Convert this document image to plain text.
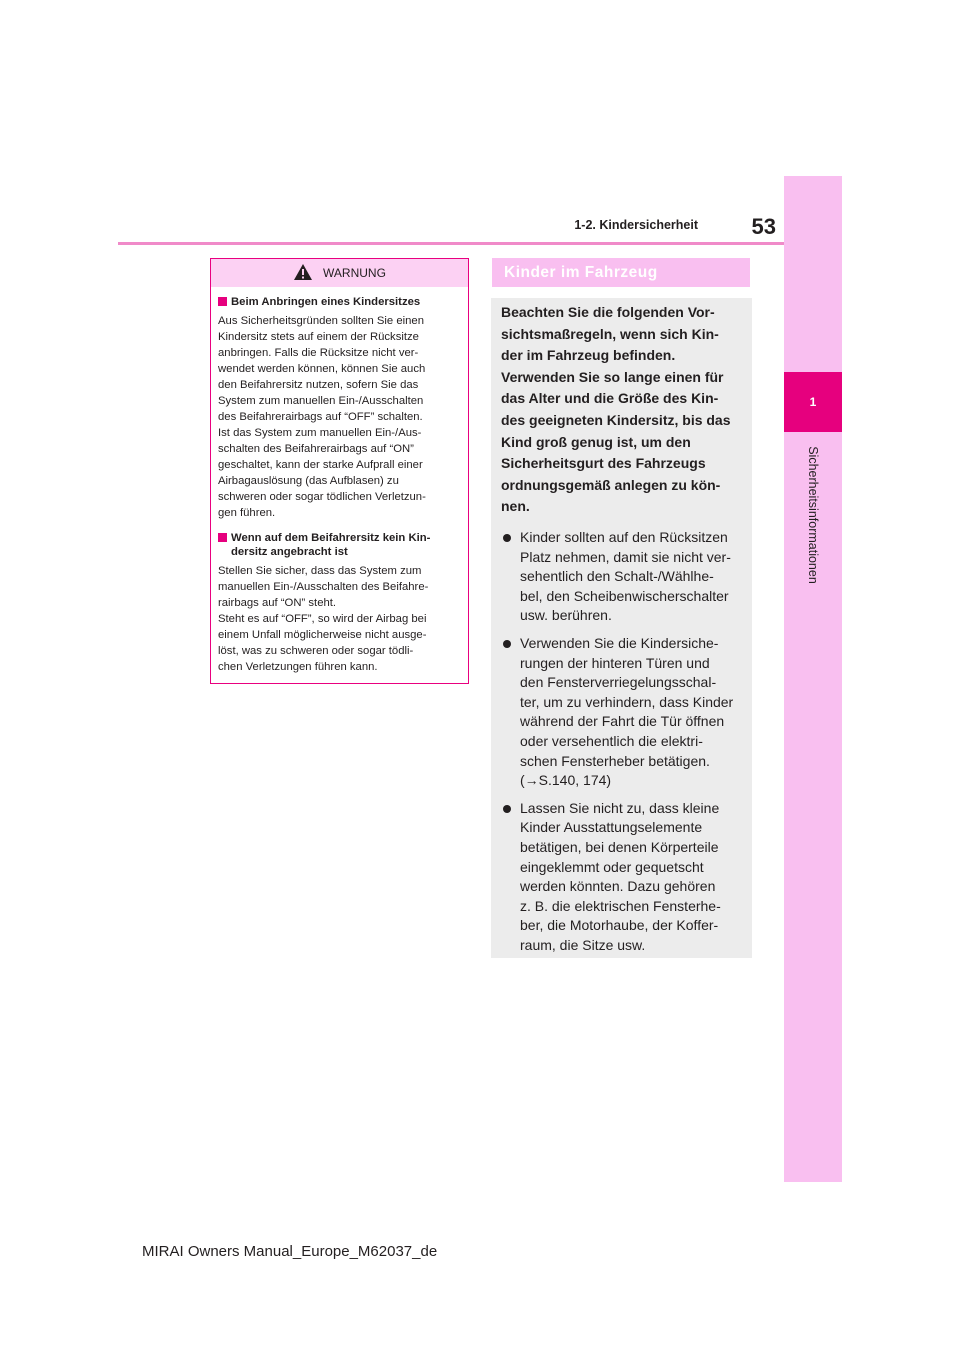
1
Sicherheitsinformationen
53
1-2. Kindersicherheit
WARNUNG
Beim Anbringen eines Kindersitzes

Aus Sicherheitsgründen sollten Sie einen
Kindersitz stets auf einem der Rücksitze
anbringen. Falls die Rücksitze nicht ver-
wendet werden können, können Sie auch
den Beifahrersitz nutzen, sofern Sie das
System zum manuellen Ein-/Ausschalten
des Beifahrerairbags auf “OFF” schalten.
Ist das System zum manuellen Ein-/Aus-
schalten des Beifahrerairbags auf “ON”
geschaltet, kann der starke Aufprall einer
Airbagauslösung (das Aufblasen) zu
schweren oder sogar tödlichen Verletzun-
gen führen.

Wenn auf dem Beifahrersitz kein Kin-
dersitz angebracht ist

Stellen Sie sicher, dass das System zum
manuellen Ein-/Ausschalten des Beifahre-
rairbags auf “ON” steht.
Steht es auf “OFF”, so wird der Airbag bei
einem Unfall möglicherweise nicht ausge-
löst, was zu schweren oder sogar tödli-
chen Verletzungen führen kann.

Kinder im Fahrzeug
Beachten Sie die folgenden Vor-
sichtsmaßregeln, wenn sich Kin-
der im Fahrzeug befinden.
Verwenden Sie so lange einen für
das Alter und die Größe des Kin-
des geeigneten Kindersitz, bis das
Kind groß genug ist, um den
Sicherheitsgurt des Fahrzeugs
ordnungsgemäß anlegen zu kön-
nen.
Kinder sollten auf den Rücksitzen
Platz nehmen, damit sie nicht ver-
sehentlich den Schalt-/Wählhe-
bel, den Scheibenwischerschalter
usw. berühren.
Verwenden Sie die Kindersiche-
rungen der hinteren Türen und
den Fensterverriegelungsschal-
ter, um zu verhindern, dass Kinder
während der Fahrt die Tür öffnen
oder versehentlich die elektri-
schen Fensterheber betätigen.
(→S.140, 174)
Lassen Sie nicht zu, dass kleine
Kinder Ausstattungselemente
betätigen, bei denen Körperteile
eingeklemmt oder gequetscht
werden könnten. Dazu gehören
z. B. die elektrischen Fensterhe-
ber, die Motorhaube, der Koffer-
raum, die Sitze usw.
MIRAI Owners Manual_Europe_M62037_de
